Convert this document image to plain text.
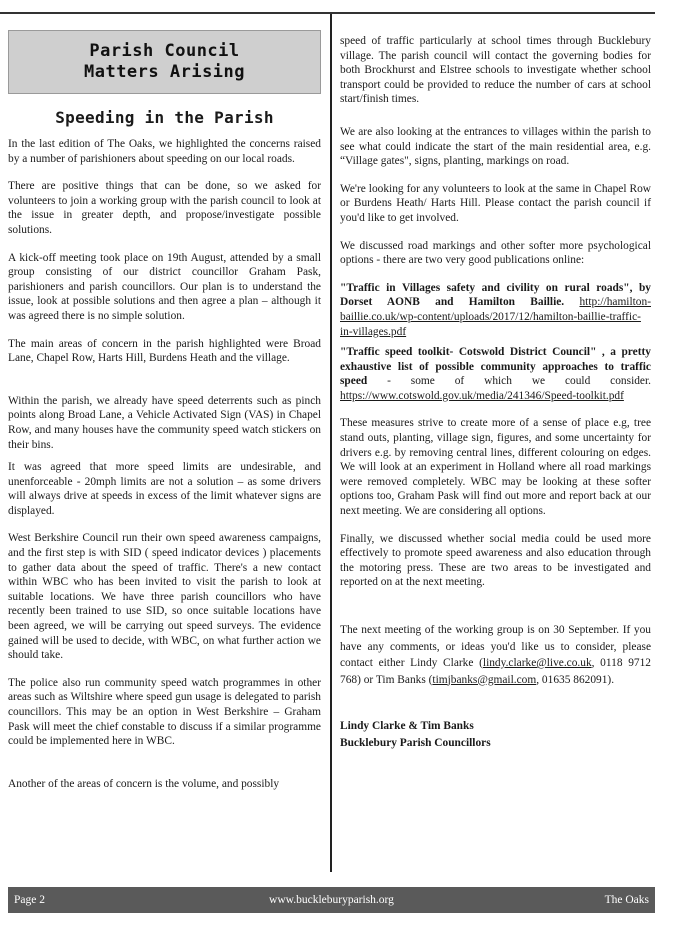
Parish Council
Matters Arising
Speeding in the Parish

In the last edition of The Oaks, we highlighted the concerns raised by a number of parishioners about speeding on our local roads.

There are positive things that can be done, so we asked for volunteers to join a working group with the parish council to look at the issue in greater depth, and propose/investigate possible solutions.

A kick-off meeting took place on 19th August, attended by a small group consisting of our district councillor Graham Pask, parishioners and parish councillors. Our plan is to understand the issue, look at possible solutions and then agree a plan – although it was agreed there is no simple solution.

The main areas of concern in the parish highlighted were Broad Lane, Chapel Row, Harts Hill, Burdens Heath and the village.

Within the parish, we already have speed deterrents such as pinch points along Broad Lane, a Vehicle Activated Sign (VAS) in Chapel Row, and many houses have the community speed watch stickers on their bins.

It was agreed that more speed limits are undesirable, and unenforceable - 20mph limits are not a solution – as some drivers will always drive at speeds in excess of the limit whatever signs are displayed.

West Berkshire Council run their own speed awareness campaigns, and the first step is with SID ( speed indicator devices ) placements to gather data about the speed of traffic. There's a new contact within WBC who has been invited to visit the parish to look at suitable locations. We have three parish councillors who have recently been trained to use SID, so once suitable locations have been agreed, we will be carrying out speed surveys. The evidence gained will be used to decide, with WBC, on what further action we should take.

The police also run community speed watch programmes in other areas such as Wiltshire where speed gun usage is delegated to parish councillors. This may be an option in West Berkshire – Graham Pask will meet the chief constable to discuss if a similar programme could be implemented here in WBC.

Another of the areas of concern is the volume, and possibly

speed of traffic particularly at school times through Bucklebury village. The parish council will contact the governing bodies for both Brockhurst and Elstree schools to investigate whether school transport could be provided to reduce the number of cars at school start/finish times.

We are also looking at the entrances to villages within the parish to see what could indicate the start of the main residential area, e.g. “Village gates", signs, planting, markings on road.

We're looking for any volunteers to look at the same in Chapel Row or Burdens Heath/ Harts Hill. Please contact the parish council if you'd like to get involved.

We discussed road markings and other softer more psychological options - there are two very good publications online:

"Traffic in Villages safety and civility on rural roads", by Dorset AONB and Hamilton Baillie. http://hamilton-baillie.co.uk/wp-content/uploads/2017/12/hamilton-baillie-traffic-in-villages.pdf

"Traffic speed toolkit- Cotswold District Council" , a pretty exhaustive list of possible community approaches to traffic speed - some of which we could consider. https://www.cotswold.gov.uk/media/241346/Speed-toolkit.pdf

These measures strive to create more of a sense of place e.g, tree stand outs, planting, village sign, figures, and some uncertainty for drivers e.g. by removing central lines, different colouring on edges. We will look at an experiment in Holland where all road markings were removed completely. WBC may be looking at these softer options too, Graham Pask will find out more and report back at our next meeting. We are considering all options.

Finally, we discussed whether social media could be used more effectively to promote speed awareness and also education through the motoring press. These are two areas to be investigated and reported on at the next meeting.

The next meeting of the working group is on 30 September. If you have any comments, or ideas you'd like us to consider, please contact either Lindy Clarke (lindy.clarke@live.co.uk, 0118 9712 768) or Tim Banks (timjbanks@gmail.com, 01635 862091).

Lindy Clarke & Tim Banks
Bucklebury Parish Councillors
Page 2	www.buckleburyparish.org	The Oaks
